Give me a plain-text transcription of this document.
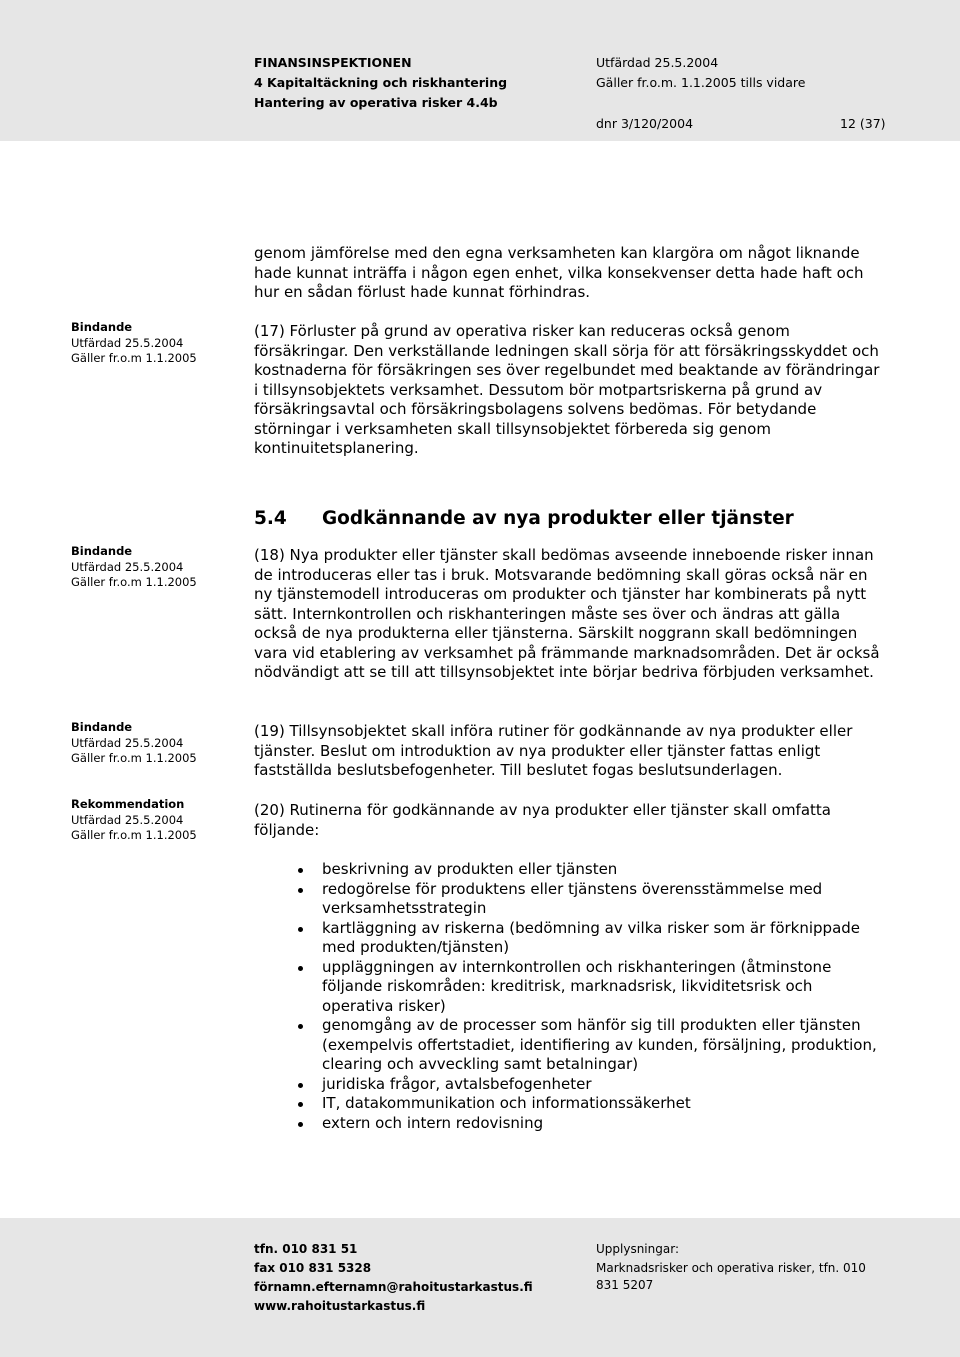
FINANSINSPEKTIONEN
4 Kapitaltäckning och riskhantering
Hantering av operativa risker 4.4b
Utfärdad 25.5.2004
Gäller fr.o.m. 1.1.2005 tills vidare
dnr 3/120/2004	12 (37)

genom jämförelse med den egna verksamheten kan klargöra om något liknande hade kunnat inträffa i någon egen enhet, vilka konsekvenser detta hade haft och hur en sådan förlust hade kunnat förhindras.

Bindande
Utfärdad 25.5.2004
Gäller fr.o.m 1.1.2005

(17) Förluster på grund av operativa risker kan reduceras också genom försäkringar. Den verkställande ledningen skall sörja för att försäkringsskyddet och kostnaderna för försäkringen ses över regelbundet med beaktande av förändringar i tillsynsobjektets verksamhet. Dessutom bör motpartsriskerna på grund av försäkringsavtal och försäkringsbolagens solvens bedömas. För betydande störningar i verksamheten skall tillsynsobjektet förbereda sig genom kontinuitetsplanering.

5.4 Godkännande av nya produkter eller tjänster
Bindande
Utfärdad 25.5.2004
Gäller fr.o.m 1.1.2005

(18) Nya produkter eller tjänster skall bedömas avseende inneboende risker innan de introduceras eller tas i bruk. Motsvarande bedömning skall göras också när en ny tjänstemodell introduceras om produkter och tjänster har kombinerats på nytt sätt. Internkontrollen och riskhanteringen måste ses över och ändras att gälla också de nya produkterna eller tjänsterna. Särskilt noggrann skall bedömningen vara vid etablering av verksamhet på främmande marknadsområden. Det är också nödvändigt att se till att tillsynsobjektet inte börjar bedriva förbjuden verksamhet.

Bindande
Utfärdad 25.5.2004
Gäller fr.o.m 1.1.2005

(19) Tillsynsobjektet skall införa rutiner för godkännande av nya produkter eller tjänster. Beslut om introduktion av nya produkter eller tjänster fattas enligt fastställda beslutsbefogenheter. Till beslutet fogas beslutsunderlagen.

Rekommendation
Utfärdad 25.5.2004
Gäller fr.o.m 1.1.2005

(20) Rutinerna för godkännande av nya produkter eller tjänster skall omfatta följande:

beskrivning av produkten eller tjänsten
redogörelse för produktens eller tjänstens överensstämmelse med verksamhetsstrategin
kartläggning av riskerna (bedömning av vilka risker som är förknippade med produkten/tjänsten)
uppläggningen av internkontrollen och riskhanteringen (åtminstone följande riskområden: kreditrisk, marknadsrisk, likviditetsrisk och operativa risker)
genomgång av de processer som hänför sig till produkten eller tjänsten (exempelvis offertstadiet, identifiering av kunden, försäljning, produktion, clearing och avveckling samt betalningar)
juridiska frågor, avtalsbefogenheter
IT, datakommunikation och informationssäkerhet
extern och intern redovisning
tfn. 010 831 51
fax 010 831 5328
förnamn.efternamn@rahoitustarkastus.fi
www.rahoitustarkastus.fi
Upplysningar:
Marknadsrisker och operativa risker, tfn. 010 831 5207
